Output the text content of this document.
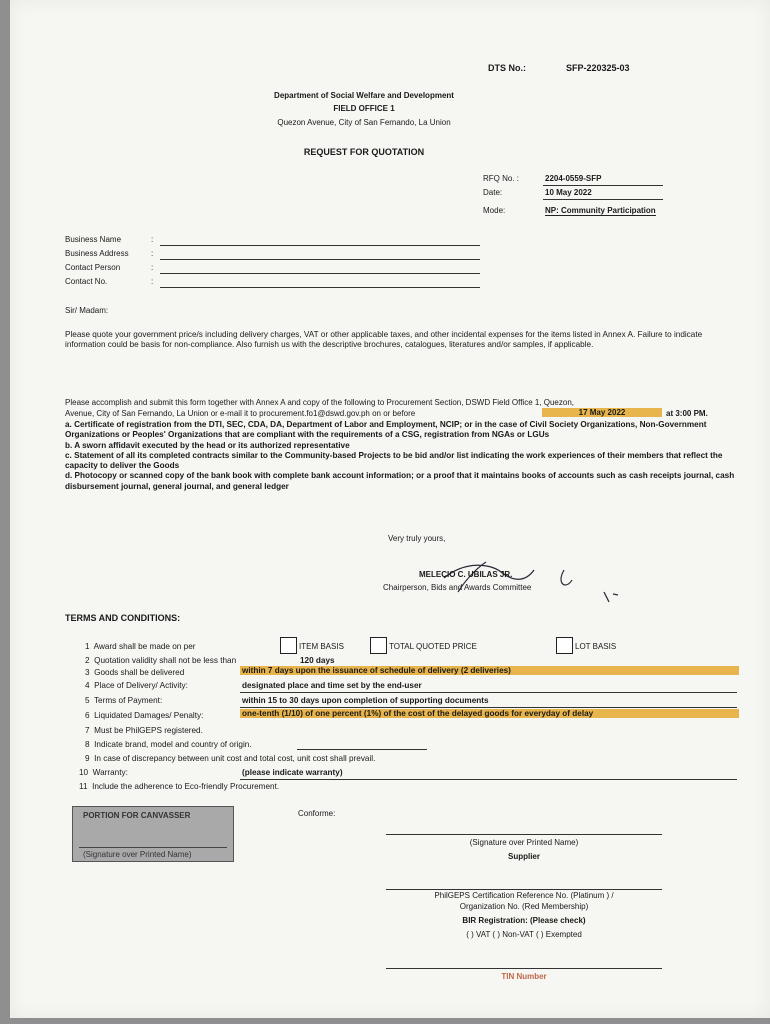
DTS No.:	SFP-220325-03
Department of Social Welfare and Development
FIELD OFFICE 1
Quezon Avenue, City of San Fernando, La Union
REQUEST FOR QUOTATION
RFQ No. :	2204-0559-SFP
Date:	10 May 2022
Mode:	NP: Community Participation
Business Name	:
Business Address	:
Contact Person	:
Contact No.	:
Sir/ Madam:

Please quote your government price/s including delivery charges, VAT or other applicable taxes, and other incidental expenses for the items listed in Annex A. Failure to indicate information could be basis for non-compliance. Also furnish us with the descriptive brochures, catalogues, literatures and/or samples, if applicable.

Please accomplish and submit this form together with Annex A and copy of the following to Procurement Section, DSWD Field Office 1, Quezon,
Avenue, City of San Fernando, La Union or e-mail it to procurement.fo1@dswd.gov.ph on or before	17 May 2022	at 3:00 PM.

a. Certificate of registration from the DTI, SEC, CDA, DA, Department of Labor and Employment, NCIP; or in the case of Civil Society Organizations, Non-Government Organizations or Peoples' Organizations that are compliant with the requirements of a CSG, registration from NGAs or LGUs
b. A sworn affidavit executed by the head or its authorized representative
c. Statement of all its completed contracts similar to the Community-based Projects to be bid and/or list indicating the work experiences of their members that reflect the capacity to deliver the Goods
d. Photocopy or scanned copy of the bank book with complete bank account information; or a proof that it maintains books of accounts such as cash receipts journal, cash disbursement journal, general journal, and general ledger

Very truly yours,
MELECIO C. UBILAS JR.
Chairperson, Bids and Awards Committee
TERMS AND CONDITIONS:
1 Award shall be made on per	ITEM BASIS	TOTAL QUOTED PRICE	LOT BASIS
2 Quotation validity shall not be less than	120 days
3 Goods shall be delivered	within 7 days upon the issuance of schedule of delivery (2 deliveries)
4 Place of Delivery/ Activity:	designated place and time set by the end-user
5 Terms of Payment:	within 15 to 30 days upon completion of supporting documents
6 Liquidated Damages/ Penalty:	one-tenth (1/10) of one percent (1%) of the cost of the delayed goods for everyday of delay
7 Must be PhilGEPS registered.
8 Indicate brand, model and country of origin.
9 In case of discrepancy between unit cost and total cost, unit cost shall prevail.
10 Warranty:	(please indicate warranty)
11 Include the adherence to Eco-friendly Procurement.
PORTION FOR CANVASSER
(Signature over Printed Name)
Conforme:
(Signature over Printed Name)
Supplier
PhilGEPS Certification Reference No. (Platinum ) /
Organization No. (Red Membership)
BIR Registration: (Please check)
( ) VAT ( ) Non-VAT ( ) Exempted
TIN Number
